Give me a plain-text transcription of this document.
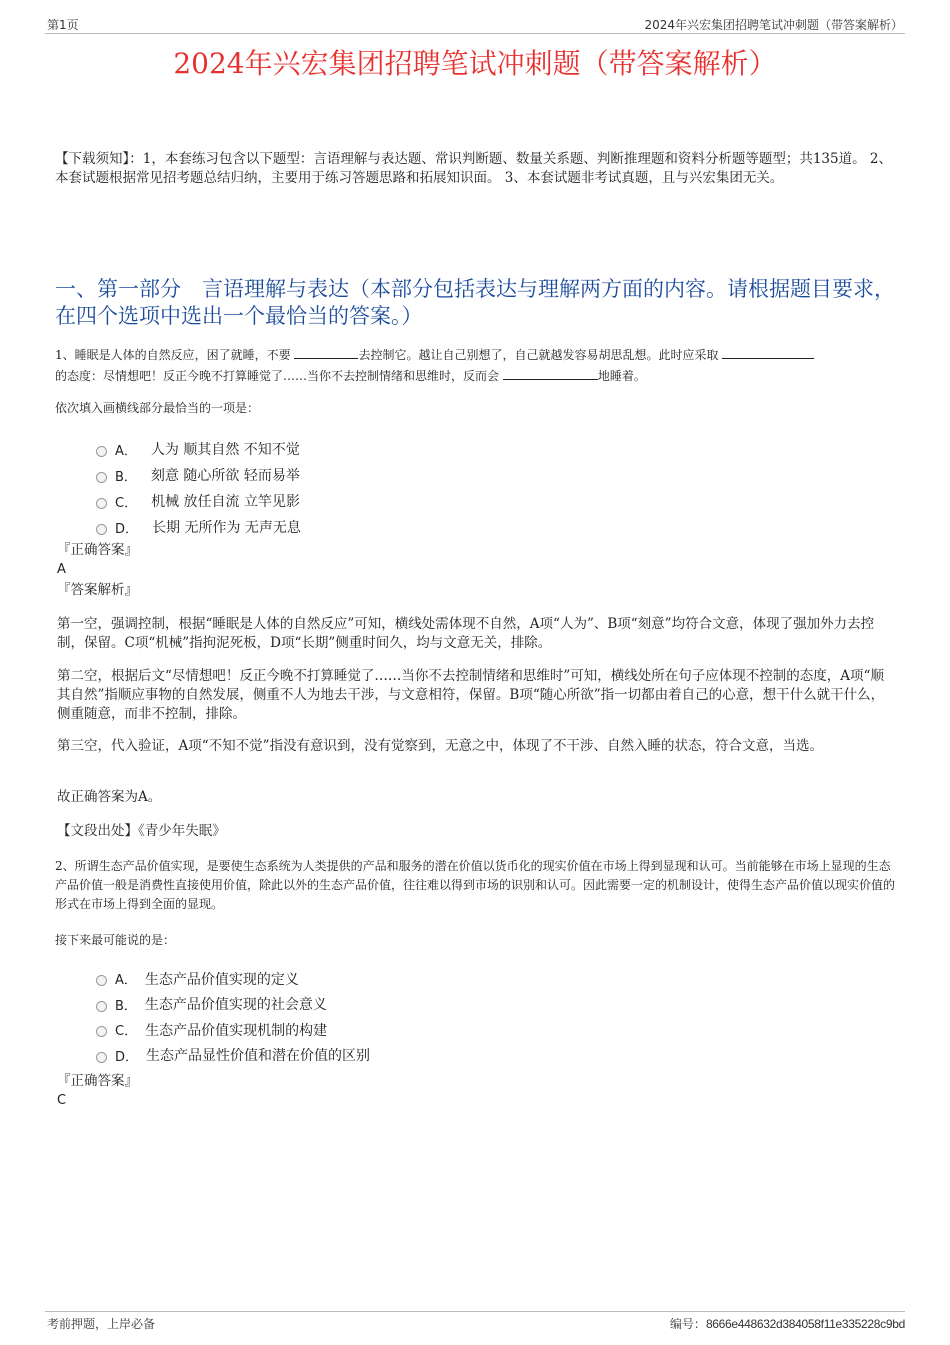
第1页	2024年兴宏集团招聘笔试冲刺题（带答案解析）
2024年兴宏集团招聘笔试冲刺题（带答案解析）
【下载须知】：1，本套练习包含以下题型：言语理解与表达题、常识判断题、数量关系题、判断推理题和资料分析题等题型；共135道。 2、本套试题根据常见招考题总结归纳，主要用于练习答题思路和拓展知识面。 3、本套试题非考试真题，且与兴宏集团无关。
一、第一部分　言语理解与表达（本部分包括表达与理解两方面的内容。请根据题目要求，在四个选项中选出一个最恰当的答案。）
1、睡眠是人体的自然反应，困了就睡，不要	去控制它。越让自己别想了，自己就越发容易胡思乱想。此时应采取
的态度：尽情想吧！反正今晚不打算睡觉了……当你不去控制情绪和思维时，反而会	地睡着。
依次填入画横线部分最恰当的一项是：
A． 人为 顺其自然 不知不觉
B． 刻意 随心所欲 轻而易举
C． 机械 放任自流 立竿见影
D． 长期 无所作为 无声无息
『正确答案』
A
『答案解析』
第一空，强调控制，根据“睡眠是人体的自然反应”可知，横线处需体现不自然，A项“人为”、B项“刻意”均符合文意，体现了强加外力去控制，保留。C项“机械”指拘泥死板，D项“长期”侧重时间久，均与文意无关，排除。
第二空，根据后文“尽情想吧！反正今晚不打算睡觉了……当你不去控制情绪和思维时”可知，横线处所在句子应体现不控制的态度，A项“顺其自然”指顺应事物的自然发展，侧重不人为地去干涉，与文意相符，保留。B项“随心所欲”指一切都由着自己的心意，想干什么就干什么，侧重随意，而非不控制，排除。
第三空，代入验证，A项“不知不觉”指没有意识到，没有觉察到，无意之中，体现了不干涉、自然入睡的状态，符合文意，当选。
故正确答案为A。
【文段出处】《青少年失眠》
2、所谓生态产品价值实现，是要使生态系统为人类提供的产品和服务的潜在价值以货币化的现实价值在市场上得到显现和认可。当前能够在市场上显现的生态产品价值一般是消费性直接使用价值，除此以外的生态产品价值，往往难以得到市场的识别和认可。因此需要一定的机制设计，使得生态产品价值以现实价值的形式在市场上得到全面的显现。
接下来最可能说的是：
A． 生态产品价值实现的定义
B． 生态产品价值实现的社会意义
C． 生态产品价值实现机制的构建
D． 生态产品显性价值和潜在价值的区别
『正确答案』
C
考前押题，上岸必备	编号：8666e448632d384058f11e335228c9bd
